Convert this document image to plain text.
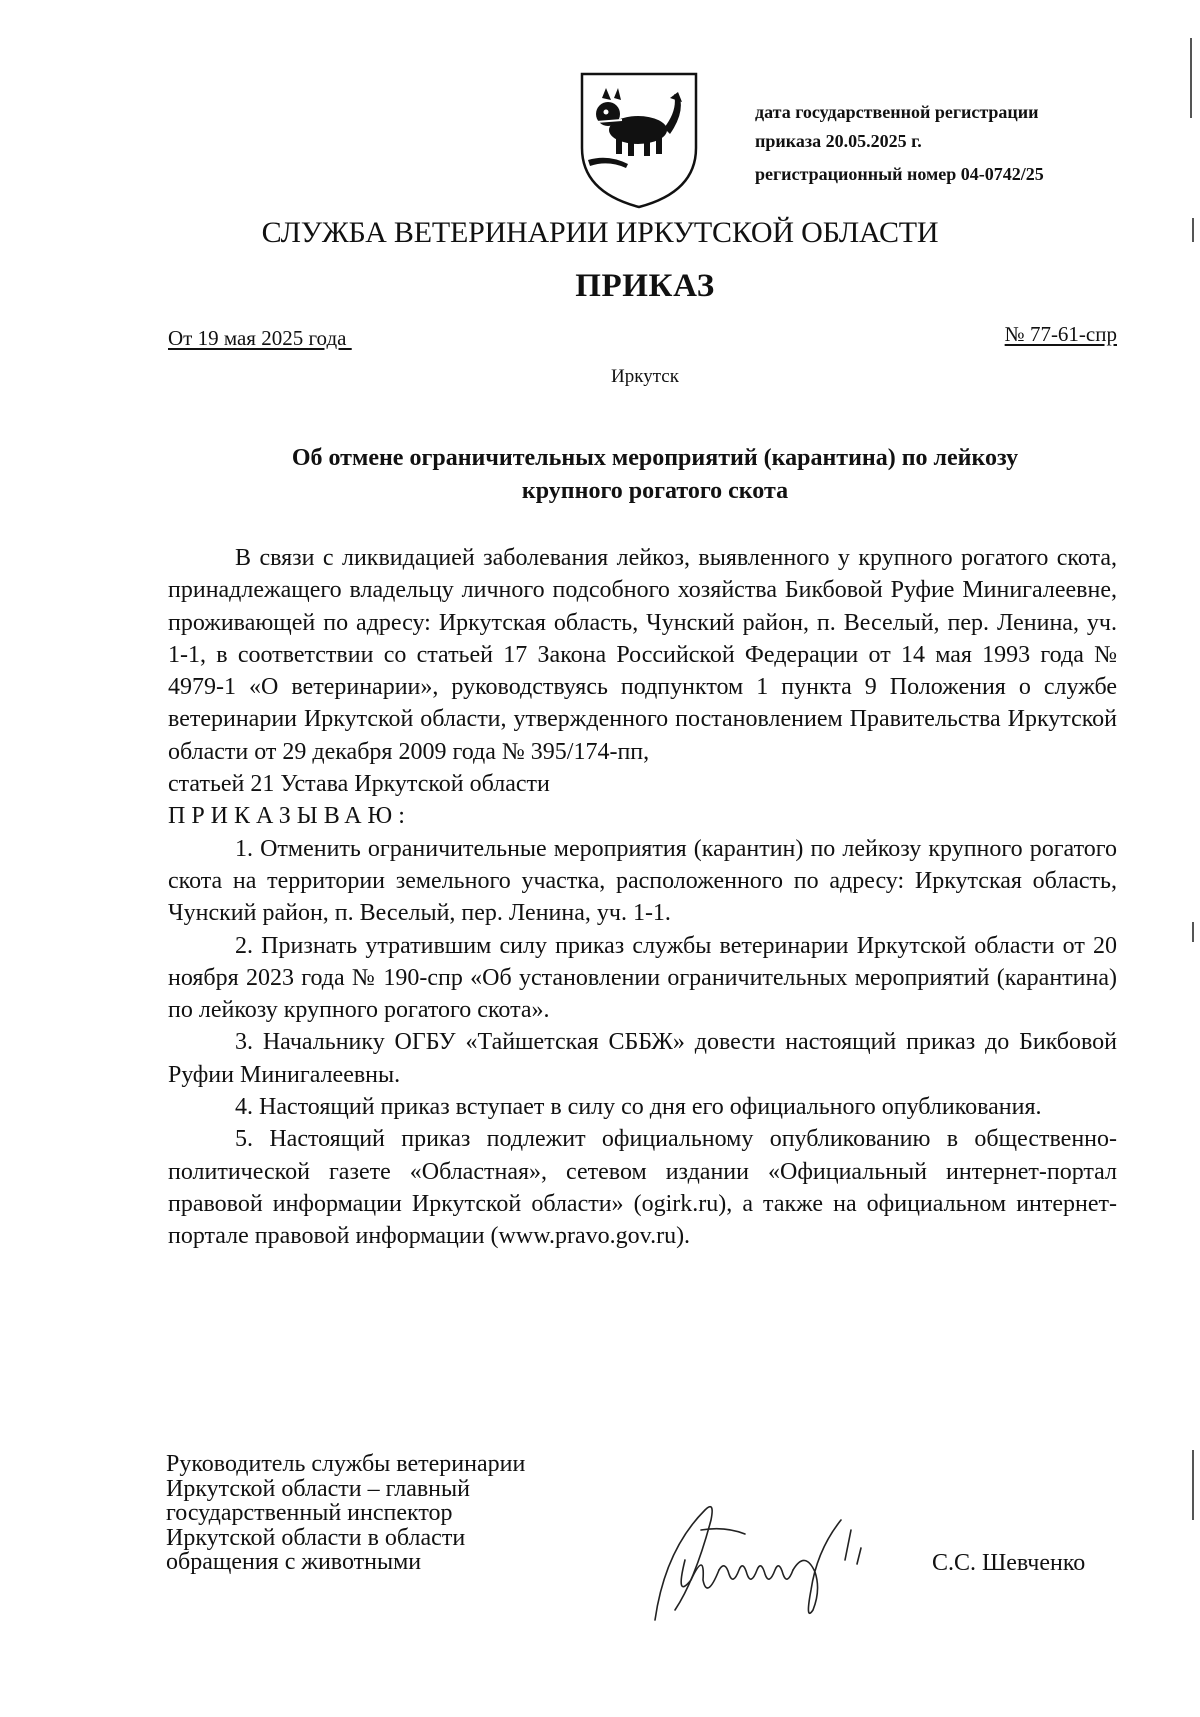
дата государственной регистрации
приказа 20.05.2025 г.
регистрационный номер 04-0742/25
СЛУЖБА ВЕТЕРИНАРИИ ИРКУТСКОЙ ОБЛАСТИ
ПРИКАЗ
От 19 мая 2025 года	№ 77-61-спр
Иркутск
Об отмене ограничительных мероприятий (карантина) по лейкозу
крупного рогатого скота
В связи с ликвидацией заболевания лейкоз, выявленного у крупного рогатого скота, принадлежащего владельцу личного подсобного хозяйства Бикбовой Руфие Минигалеевне, проживающей по адресу: Иркутская область, Чунский район, п. Веселый, пер. Ленина, уч. 1-1, в соответствии со статьей 17 Закона Российской Федерации от 14 мая 1993 года № 4979-1 «О ветеринарии», руководствуясь подпунктом 1 пункта 9 Положения о службе ветеринарии Иркутской области, утвержденного постановлением Правительства Иркутской области от 29 декабря 2009 года № 395/174-пп,
статьей 21 Устава Иркутской области
ПРИКАЗЫВАЮ:
1. Отменить ограничительные мероприятия (карантин) по лейкозу крупного рогатого скота на территории земельного участка, расположенного по адресу: Иркутская область, Чунский район, п. Веселый, пер. Ленина, уч. 1-1.
2. Признать утратившим силу приказ службы ветеринарии Иркутской области от 20 ноября 2023 года № 190-спр «Об установлении ограничительных мероприятий (карантина) по лейкозу крупного рогатого скота».
3. Начальнику ОГБУ «Тайшетская СББЖ» довести настоящий приказ до Бикбовой Руфии Минигалеевны.
4. Настоящий приказ вступает в силу со дня его официального опубликования.
5. Настоящий приказ подлежит официальному опубликованию в общественно-политической газете «Областная», сетевом издании «Официальный интернет-портал правовой информации Иркутской области» (ogirk.ru), а также на официальном интернет-портале правовой информации (www.pravo.gov.ru).
Руководитель службы ветеринарии
Иркутской области – главный
государственный инспектор
Иркутской области в области
обращения с животными	С.С. Шевченко
